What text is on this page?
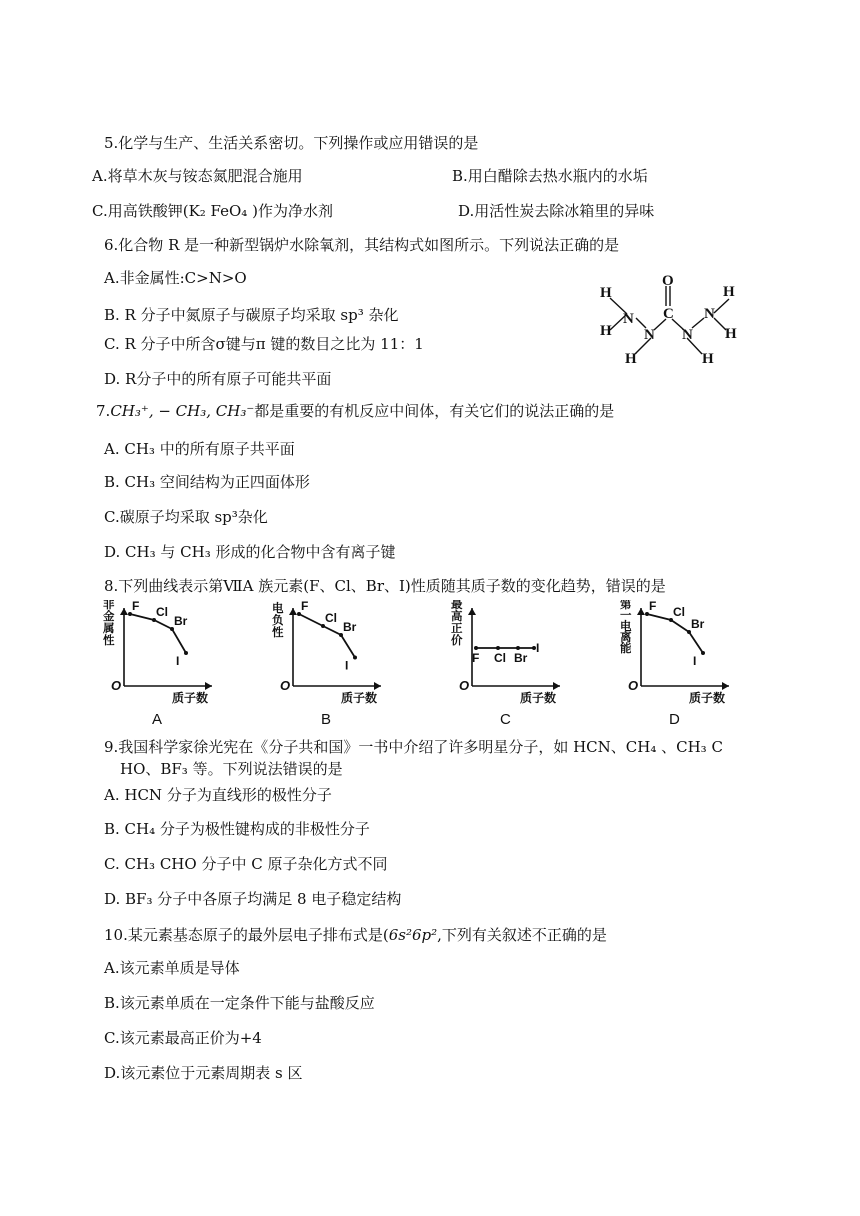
5.化学与生产、生活关系密切。下列操作或应用错误的是
A.将草木灰与铵态氮肥混合施用	B.用白醋除去热水瓶内的水垢
C.用高铁酸钾(K₂ FeO₄ )作为净水剂	D.用活性炭去除冰箱里的异味
6.化合物 R 是一种新型锅炉水除氧剂，其结构式如图所示。下列说法正确的是
A.非金属性:C>N>O
B. R 分子中氮原子与碳原子均采取 sp³ 杂化
C. R 分子中所含σ键与π 键的数目之比为 11：1
D. R分子中的所有原子可能共平面
H
N
N
H
H
C
O
H
N
N
H
H
7.CH₃⁺, − CH₃, CH₃⁻都是重要的有机反应中间体，有关它们的说法正确的是
A. CH₃ 中的所有原子共平面
B. CH₃ 空间结构为正四面体形
C.碳原子均采取 sp³杂化
D. CH₃ 与 CH₃ 形成的化合物中含有离子键
8.下列曲线表示第ⅦA 族元素(F、Cl、Br、I)性质随其质子数的变化趋势，错误的是
O
非
金
属
性
质子数
A
F Cl
Br
I
O
电
负
性
质子数
B
F
Cl
Br
I
O
最
高
正
价
质子数
C
F Cl Br
I
O
第
一
电
离
能
质子数
D
F Cl
Br
I
9.我国科学家徐光宪在《分子共和国》一书中介绍了许多明星分子，如 HCN、CH₄ 、CH₃ C
HO、BF₃ 等。下列说法错误的是
A. HCN 分子为直线形的极性分子
B. CH₄ 分子为极性键构成的非极性分子
C. CH₃ CHO 分子中 C 原子杂化方式不同
D. BF₃ 分子中各原子均满足 8 电子稳定结构
10.某元素基态原子的最外层电子排布式是(6s²6p²,下列有关叙述不正确的是
A.该元素单质是导体
B.该元素单质在一定条件下能与盐酸反应
C.该元素最高正价为+4
D.该元素位于元素周期表 s 区
